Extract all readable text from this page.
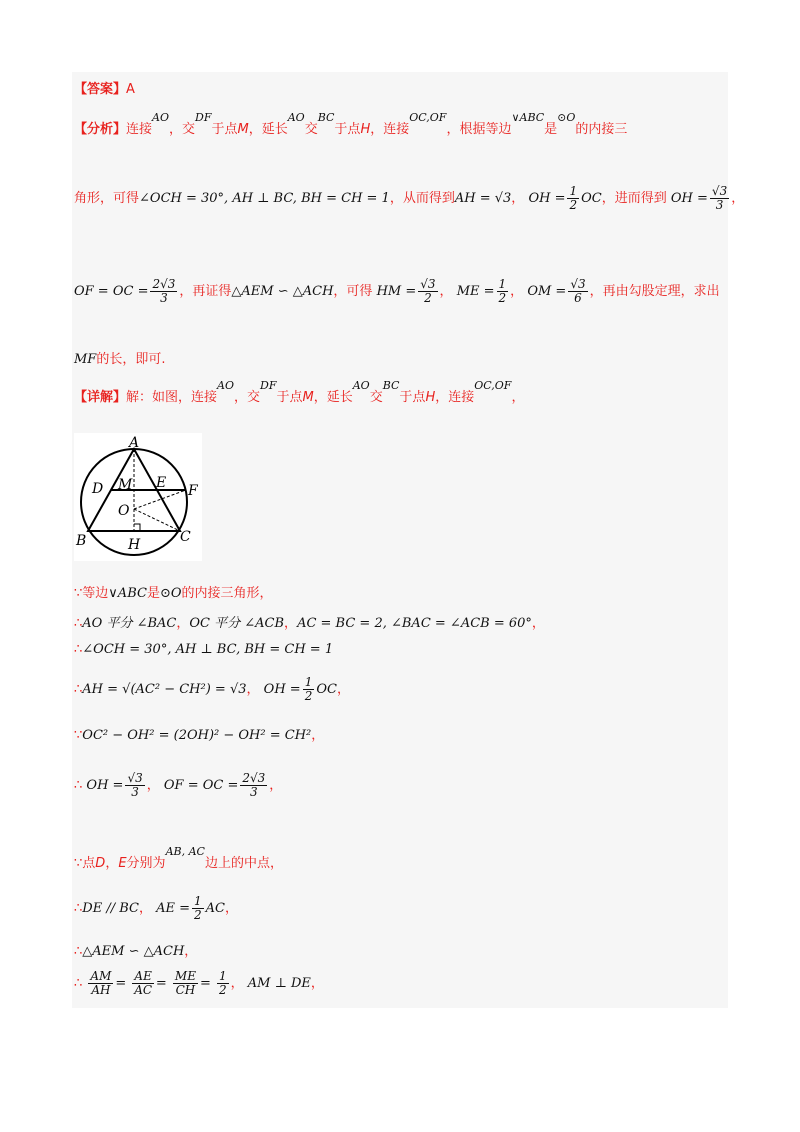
【答案】A
【分析】连接$^{AO}$，交$^{DF}$于点M，延长$^{AO}$交$^{BC}$于点H，连接$^{OC,OF}$，根据等边$^{\vee ABC}$是$^{⊙O}$的内接三
角形，可得∠OCH = 30°, AH ⊥ BC, BH = CH = 1，从而得到AH = √3， OH = $\frac{1}{2}$ OC，进而得到 OH = $\frac{√3}{3}$ ，
OF = OC = $\frac{2√3}{3}$ ，再证得△AEM ∽ △ACH，可得 HM = $\frac{√3}{2}$ ， ME = $\frac{1}{2}$ ， OM = $\frac{√3}{6}$ ，再由勾股定理，求出
MF的长，即可.
【详解】解：如图，连接$^{AO}$，交$^{DF}$于点M，延长$^{AO}$交$^{BC}$于点H，连接$^{OC,OF}$，
A
D M E F
O
B	H	C
∵等边∨ABC是⊙O的内接三角形，
∴AO 平分 ∠BAC，OC 平分 ∠ACB，AC = BC = 2, ∠BAC = ∠ACB = 60°，
∴∠OCH = 30°, AH ⊥ BC, BH = CH = 1
∴AH = √(AC² − CH²) = √3， OH = $\frac{1}{2}$ OC，
∵OC² − OH² = (2OH)² − OH² = CH²，
∴ OH = $\frac{√3}{3}$ ， OF = OC = $\frac{2√3}{3}$ ，
∵点D，E分别为$^{AB, AC}$边上的中点，
∴DE // BC， AE = $\frac{1}{2}$ AC，
∴△AEM ∽ △ACH，
∴ $\frac{AM}{AH} = \frac{AE}{AC} = \frac{ME}{CH} = \frac{1}{2}$ ， AM ⊥ DE，
